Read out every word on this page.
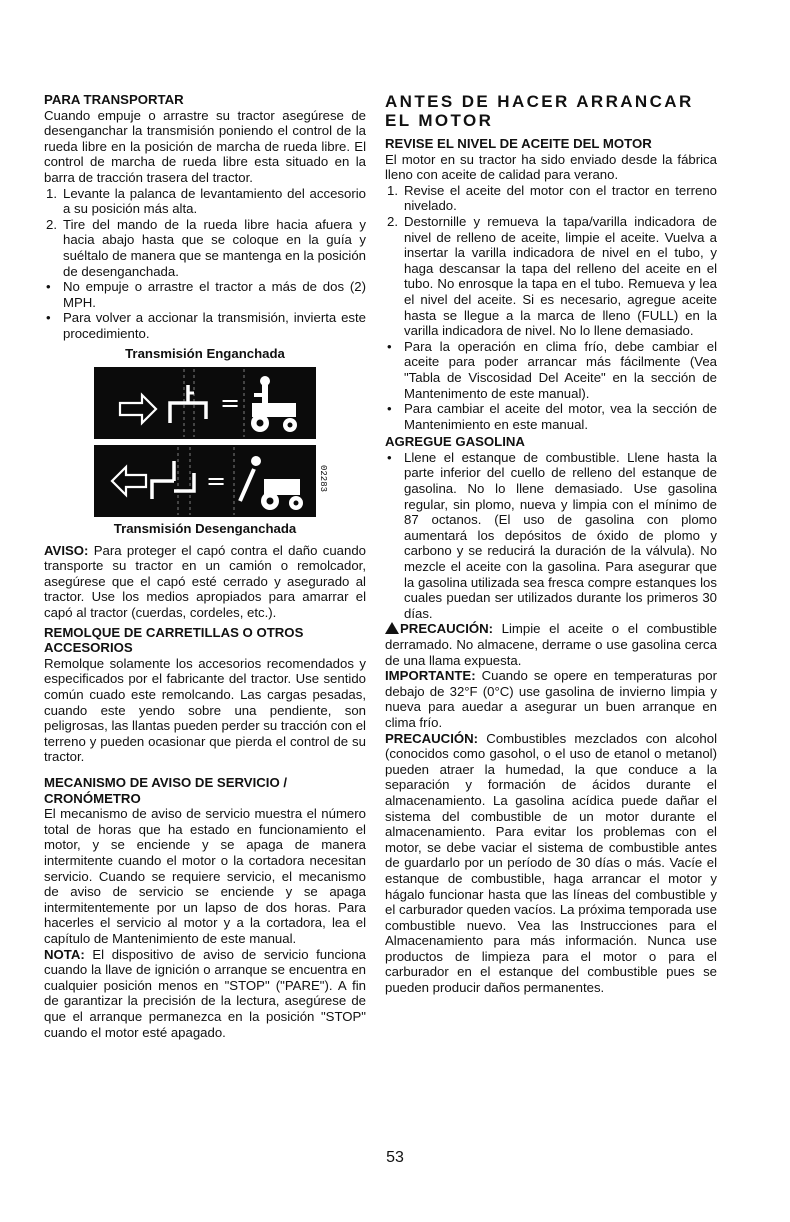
PARA TRANSPORTAR

Cuando empuje o arrastre su tractor asegúrese de desenganchar la transmisión poniendo el control de la rueda libre en la posición de marcha de rueda libre. El control de marcha de rueda libre esta situado en la barra de tracción trasera del tractor.

1. Levante la palanca de levantamiento del accesorio a su posición más alta.
2. Tire del mando de la rueda libre hacia afuera y hacia abajo hasta que se coloque en la guía y suéltalo de manera que se mantenga en la posición de desenganchada.
• No empuje o arrastre el tractor a más de dos (2) MPH.
• Para volver a accionar la transmisión, invierta este procedimiento.

Transmisión Enganchada

=
=	02283

Transmisión Desenganchada

AVISO: Para proteger el capó contra el daño cuando transporte su tractor en un camión o remolcador, asegúrese que el capó esté cerrado y asegurado al tractor. Use los medios apropiados para amarrar el capó al tractor (cuerdas, cordeles, etc.).

REMOLQUE DE CARRETILLAS O OTROS ACCESORIOS

Remolque solamente los accesorios recomendados y especificados por el fabricante del tractor. Use sentido común cuado este remolcando. Las cargas pesadas, cuando este yendo sobre una pendiente, son peligrosas, las llantas pueden perder su tracción con el terreno y pueden ocasionar que pierda el control de su tractor.

MECANISMO DE AVISO DE SERVICIO / CRONÓMETRO

El mecanismo de aviso de servicio muestra el número total de horas que ha estado en funcionamiento el motor, y se enciende y se apaga de manera intermitente cuando el motor o la cortadora necesitan servicio. Cuando se requiere servicio, el mecanismo de aviso de servicio se enciende y se apaga intermitentemente por un lapso de dos horas. Para hacerles el servicio al motor y a la cortadora, lea el capítulo de Mantenimiento de este manual.

NOTA: El dispositivo de aviso de servicio funciona cuando la llave de ignición o arranque se encuentra en cualquier posición menos en "STOP" ("PARE"). A fin de garantizar la precisión de la lectura, asegúrese de que el arranque permanezca en la posición "STOP" cuando el motor esté apagado.

ANTES DE HACER ARRANCAR EL MOTOR

REVISE EL NIVEL DE ACEITE DEL MOTOR

El motor en su tractor ha sido enviado desde la fábrica lleno con aceite de calidad para verano.

1. Revise el aceite del motor con el tractor en terreno nivelado.
2. Destornille y remueva la tapa/varilla indicadora de nivel de relleno de aceite, limpie el aceite. Vuelva a insertar la varilla indicadora de nivel en el tubo, y haga descansar la tapa del relleno del aceite en el tubo. No enrosque la tapa en el tubo. Remueva y lea el nivel del aceite. Si es necesario, agregue aceite hasta se llegue a la marca de lleno (FULL) en la varilla indicadora de nivel. No lo llene demasiado.
• Para la operación en clima frío, debe cambiar el aceite para poder arrancar más fácilmente (Vea "Tabla de Viscosidad Del Aceite" en la sección de Mantenimento de este manual).
• Para cambiar el aceite del motor, vea la sección de Mantenimiento en este manual.

AGREGUE GASOLINA

• Llene el estanque de combustible. Llene hasta la parte inferior del cuello de relleno del estanque de gasolina. No lo llene demasiado. Use gasolina regular, sin plomo, nueva y limpia con el mínimo de 87 octanos. (El uso de gasolina con plomo aumentará los depósitos de óxido de plomo y carbono y se reducirá la duración de la válvula). No mezcle el aceite con la gasolina. Para asegurar que la gasolina utilizada sea fresca compre estanques los cuales puedan ser utilizados durante los primeros 30 días.

PRECAUCIÓN: Limpie el aceite o el combustible derramado. No almacene, derrame o use gasolina cerca de una llama expuesta.

IMPORTANTE: Cuando se opere en temperaturas por debajo de 32°F (0°C) use gasolina de invierno limpia y nueva para auedar a asegurar un buen arranque en clima frío.

PRECAUCIÓN: Combustibles mezclados con alcohol (conocidos como gasohol, o el uso de etanol o metanol) pueden atraer la humedad, la que conduce a la separación y formación de ácidos durante el almacenamiento. La gasolina acídica puede dañar el sistema del combustible de un motor durante el almacenamiento. Para evitar los problemas con el motor, se debe vaciar el sistema de combustible antes de guardarlo por un período de 30 días o más. Vacíe el estanque de combustible, haga arrancar el motor y hágalo funcionar hasta que las líneas del combustible y el carburador queden vacíos. La próxima temporada use combustible nuevo. Vea las Instrucciones para el Almacenamiento para más información. Nunca use productos de limpieza para el motor o para el carburador en el estanque del combustible pues se pueden producir daños permanentes.

53
